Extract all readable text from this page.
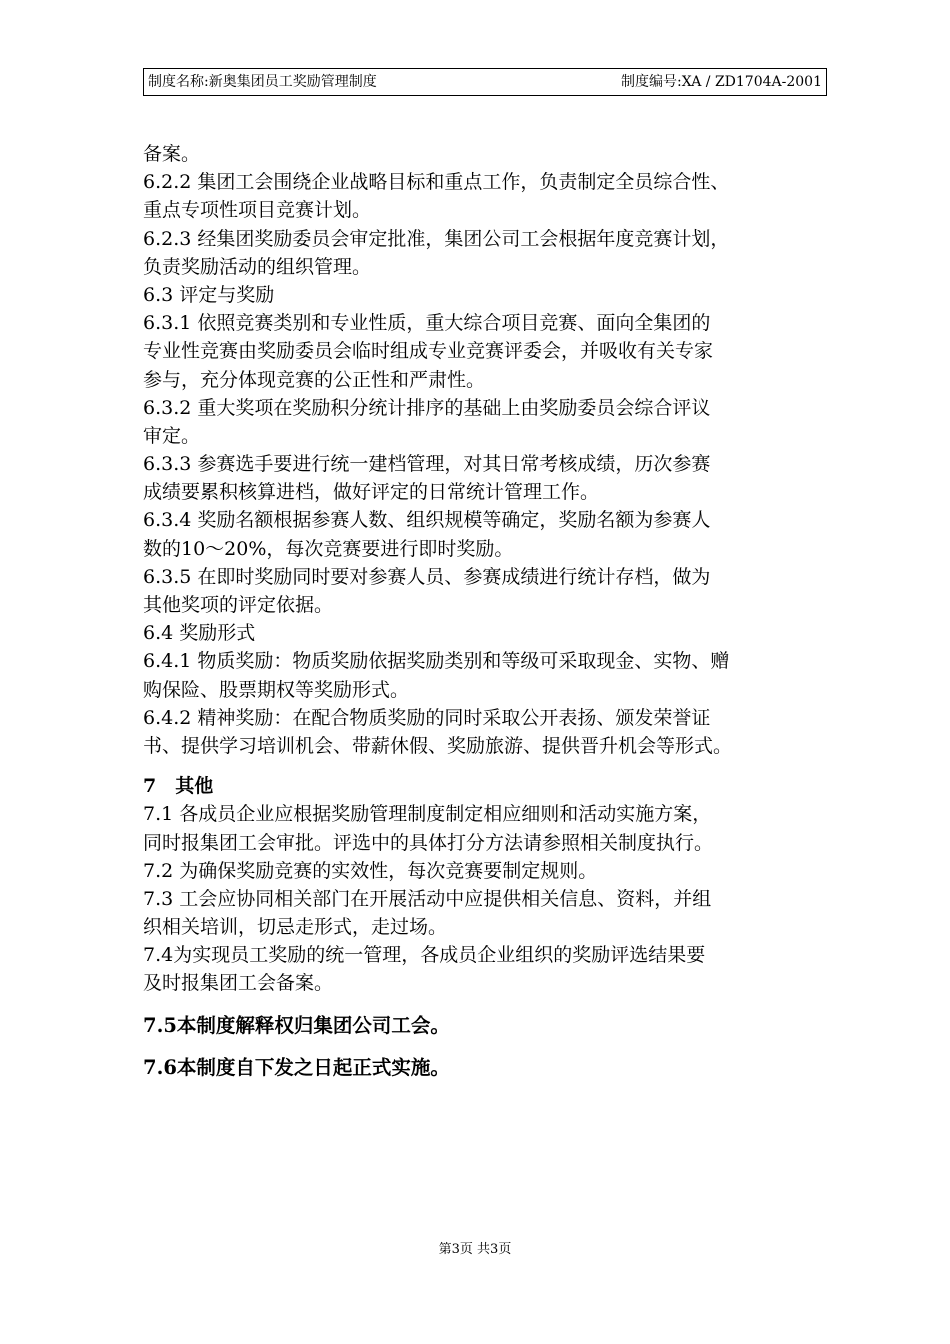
制度名称:新奥集团员工奖励管理制度	制度编号:XA / ZD1704A-2001
备案。
6.2.2 集团工会围绕企业战略目标和重点工作，负责制定全员综合性、
重点专项性项目竞赛计划。
6.2.3 经集团奖励委员会审定批准，集团公司工会根据年度竞赛计划，
负责奖励活动的组织管理。
6.3 评定与奖励
6.3.1 依照竞赛类别和专业性质，重大综合项目竞赛、面向全集团的
专业性竞赛由奖励委员会临时组成专业竞赛评委会，并吸收有关专家
参与，充分体现竞赛的公正性和严肃性。
6.3.2 重大奖项在奖励积分统计排序的基础上由奖励委员会综合评议
审定。
6.3.3 参赛选手要进行统一建档管理，对其日常考核成绩，历次参赛
成绩要累积核算进档，做好评定的日常统计管理工作。
6.3.4 奖励名额根据参赛人数、组织规模等确定，奖励名额为参赛人
数的10～20%，每次竞赛要进行即时奖励。
6.3.5 在即时奖励同时要对参赛人员、参赛成绩进行统计存档，做为
其他奖项的评定依据。
6.4 奖励形式
6.4.1 物质奖励：物质奖励依据奖励类别和等级可采取现金、实物、赠
购保险、股票期权等奖励形式。
6.4.2 精神奖励：在配合物质奖励的同时采取公开表扬、颁发荣誉证
书、提供学习培训机会、带薪休假、奖励旅游、提供晋升机会等形式。
7　其他
7.1 各成员企业应根据奖励管理制度制定相应细则和活动实施方案，
同时报集团工会审批。评选中的具体打分方法请参照相关制度执行。
7.2 为确保奖励竞赛的实效性，每次竞赛要制定规则。
7.3 工会应协同相关部门在开展活动中应提供相关信息、资料，并组
织相关培训，切忌走形式，走过场。
7.4为实现员工奖励的统一管理，各成员企业组织的奖励评选结果要
及时报集团工会备案。
7.5本制度解释权归集团公司工会。
7.6本制度自下发之日起正式实施。
第3页 共3页
